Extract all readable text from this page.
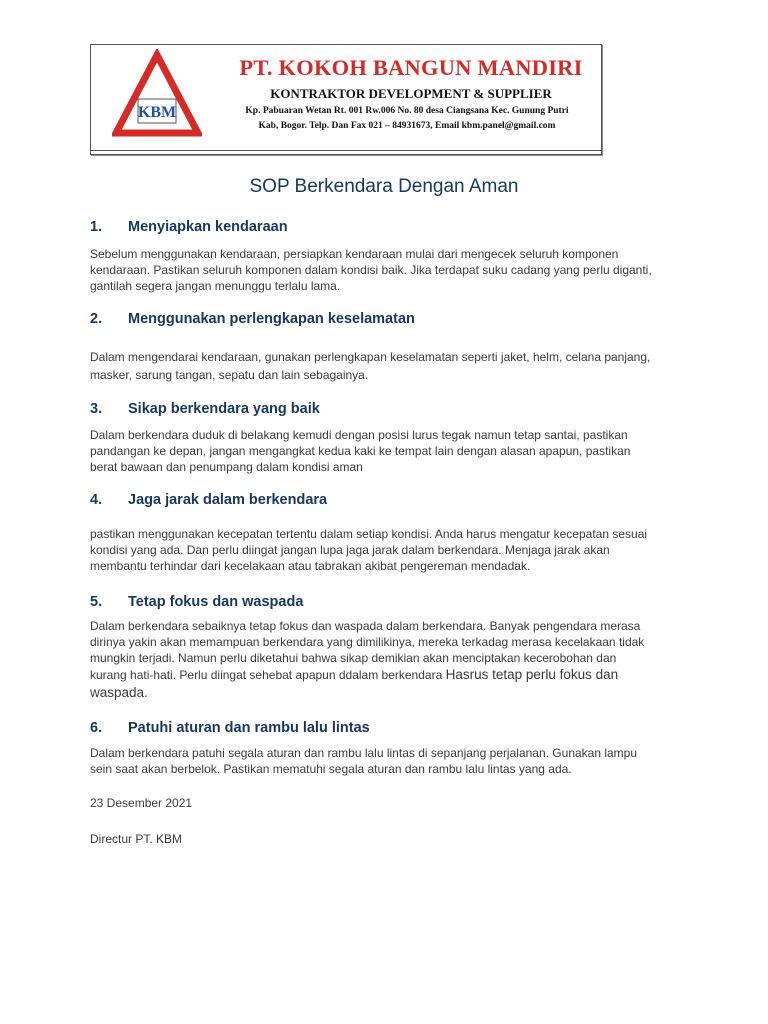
KBM
PT. KOKOH BANGUN MANDIRI
KONTRAKTOR DEVELOPMENT & SUPPLIER
Kp. Pabuaran Wetan Rt. 001 Rw.006 No. 80 desa Ciangsana Kec. Gunung Putri
Kab, Bogor. Telp. Dan Fax 021 – 84931673, Email kbm.panel@gmail.com
SOP Berkendara Dengan Aman
1. Menyiapkan kendaraan

Sebelum menggunakan kendaraan, persiapkan kendaraan mulai dari mengecek seluruh komponen
kendaraan. Pastikan seluruh komponen dalam kondisi baik. Jika terdapat suku cadang yang perlu diganti,
gantilah segera jangan menunggu terlalu lama.

2. Menggunakan perlengkapan keselamatan

Dalam mengendarai kendaraan, gunakan perlengkapan keselamatan seperti jaket, helm, celana panjang,
masker, sarung tangan, sepatu dan lain sebagainya.

3. Sikap berkendara yang baik

Dalam berkendara duduk di belakang kemudi dengan posisi lurus tegak namun tetap santai, pastikan
pandangan ke depan, jangan mengangkat kedua kaki ke tempat lain dengan alasan apapun, pastikan
berat bawaan dan penumpang dalam kondisi aman

4. Jaga jarak dalam berkendara

pastikan menggunakan kecepatan tertentu dalam setiap kondisi. Anda harus mengatur kecepatan sesuai
kondisi yang ada. Dan perlu diingat jangan lupa jaga jarak dalam berkendara. Menjaga jarak akan
membantu terhindar dari kecelakaan atau tabrakan akibat pengereman mendadak.

5. Tetap fokus dan waspada

Dalam berkendara sebaiknya tetap fokus dan waspada dalam berkendara. Banyak pengendara merasa
dirinya yakin akan memampuan berkendara yang dimilikinya, mereka terkadag merasa kecelakaan tidak
mungkin terjadi. Namun perlu diketahui bahwa sikap demikian akan menciptakan kecerobohan dan
kurang hati-hati. Perlu diingat sehebat apapun ddalam berkendara Hasrus tetap perlu fokus dan
waspada.

6. Patuhi aturan dan rambu lalu lintas

Dalam berkendara patuhi segala aturan dan rambu lalu lintas di sepanjang perjalanan. Gunakan lampu
sein saat akan berbelok. Pastikan mematuhi segala aturan dan rambu lalu lintas yang ada.

23 Desember 2021

Directur PT. KBM
